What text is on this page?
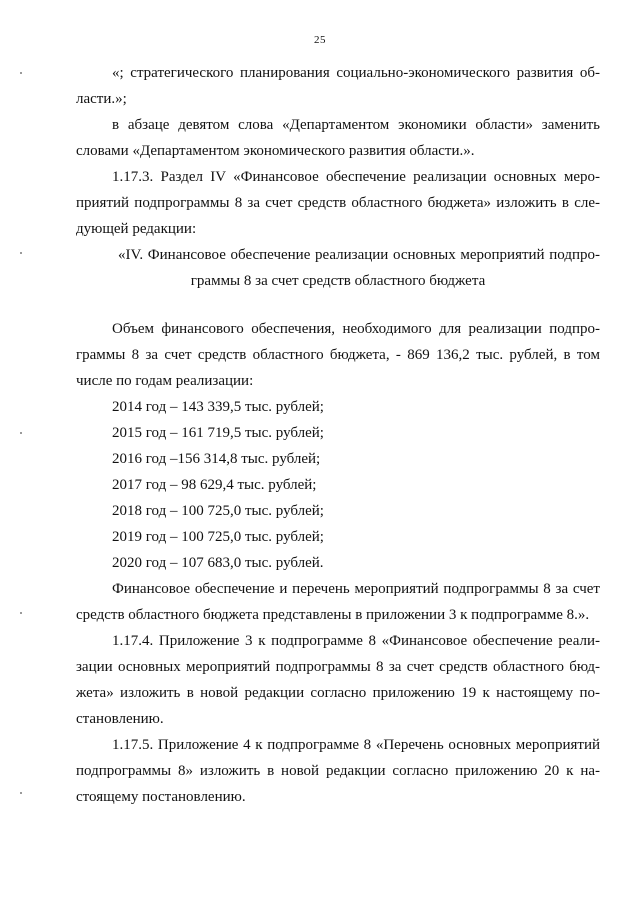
25
«; стратегического планирования социально-экономического развития об-
ласти.»;
в абзаце девятом слова «Департаментом экономики области» заменить
словами «Департаментом экономического развития области.».
1.17.3. Раздел IV «Финансовое обеспечение реализации основных меро-
приятий подпрограммы 8 за счет средств областного бюджета» изложить в сле-
дующей редакции:
«IV. Финансовое обеспечение реализации основных мероприятий подпро-
граммы 8 за счет средств областного бюджета
Объем финансового обеспечения, необходимого для реализации подпро-
граммы 8 за счет средств областного бюджета, - 869 136,2 тыс. рублей, в том
числе по годам реализации:
2014 год – 143 339,5 тыс. рублей;
2015 год – 161 719,5 тыс. рублей;
2016 год –156 314,8 тыс. рублей;
2017 год – 98 629,4 тыс. рублей;
2018 год – 100 725,0 тыс. рублей;
2019 год – 100 725,0 тыс. рублей;
2020 год – 107 683,0 тыс. рублей.
Финансовое обеспечение и перечень мероприятий подпрограммы 8 за счет
средств областного бюджета представлены в приложении 3 к подпрограмме 8.».
1.17.4. Приложение 3 к подпрограмме 8 «Финансовое обеспечение реали-
зации основных мероприятий подпрограммы 8 за счет средств областного бюд-
жета» изложить в новой редакции согласно приложению 19 к настоящему по-
становлению.
1.17.5. Приложение 4 к подпрограмме 8 «Перечень основных мероприятий
подпрограммы 8» изложить в новой редакции согласно приложению 20 к на-
стоящему постановлению.
